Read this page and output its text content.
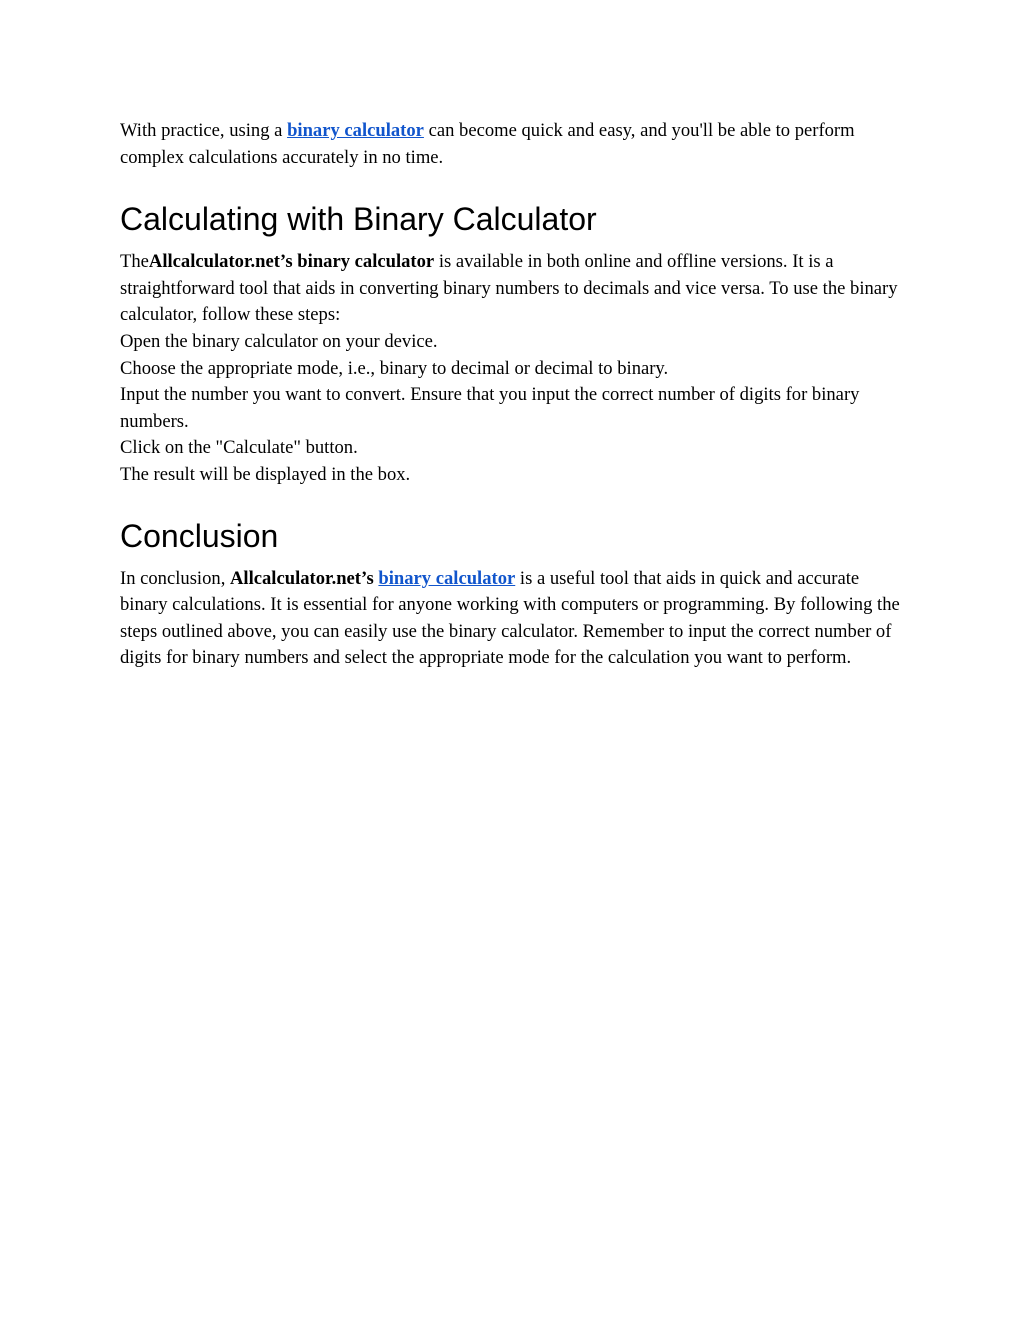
With practice, using a binary calculator can become quick and easy, and you'll be able to perform complex calculations accurately in no time.

Calculating with Binary Calculator

TheAllcalculator.net’s binary calculator is available in both online and offline versions. It is a straightforward tool that aids in converting binary numbers to decimals and vice versa. To use the binary calculator, follow these steps:

Open the binary calculator on your device.

Choose the appropriate mode, i.e., binary to decimal or decimal to binary.

Input the number you want to convert. Ensure that you input the correct number of digits for binary numbers.

Click on the "Calculate" button.

The result will be displayed in the box.

Conclusion

In conclusion, Allcalculator.net’s binary calculator is a useful tool that aids in quick and accurate binary calculations. It is essential for anyone working with computers or programming. By following the steps outlined above, you can easily use the binary calculator. Remember to input the correct number of digits for binary numbers and select the appropriate mode for the calculation you want to perform.
